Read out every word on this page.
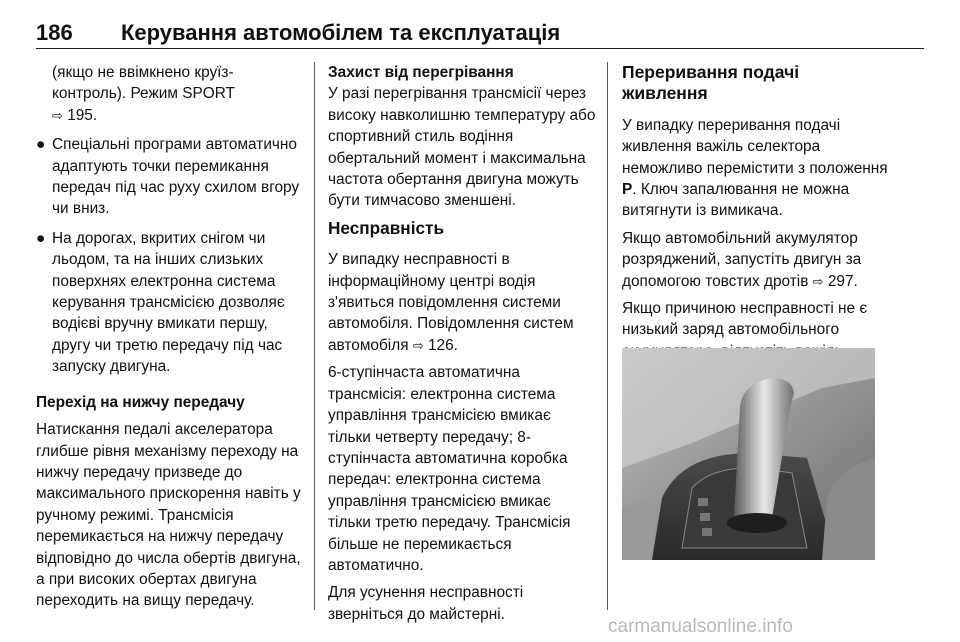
186 Керування автомобілем та експлуатація

(якщо не ввімкнено круїз-
контроль). Режим SPORT
⇨ 195.

● Спеціальні програми автоматично адаптують точки перемикання передач під час руху схилом вгору чи вниз.

● На дорогах, вкритих снігом чи льодом, та на інших слизьких поверхнях електронна система керування трансмісією дозволяє водієві вручну вмикати першу, другу чи третю передачу під час запуску двигуна.

Перехід на нижчу передачу

Натискання педалі акселератора глибше рівня механізму переходу на нижчу передачу призведе до максимального прискорення навіть у ручному режимі. Трансмісія перемикається на нижчу передачу відповідно до числа обертів двигуна, а при високих обертах двигуна переходить на вищу передачу.

Захист від перегрівання

У разі перегрівання трансмісії через високу навколишню температуру або спортивний стиль водіння обертальний момент і максимальна частота обертання двигуна можуть бути тимчасово зменшені.

Несправність

У випадку несправності в інформаційному центрі водія з'явиться повідомлення системи автомобіля. Повідомлення систем автомобіля ⇨ 126.

6-ступінчаста автоматична трансмісія: електронна система управління трансмісією вмикає тільки четверту передачу; 8-ступінчаста автоматична коробка передач: електронна система управління трансмісією вмикає тільки третю передачу. Трансмісія більше не перемикається автоматично.

Для усунення несправності зверніться до майстерні.

Переривання подачі живлення

У випадку переривання подачі живлення важіль селектора неможливо перемістити з положення P. Ключ запалювання не можна витягнути із вимикача.

Якщо автомобільний акумулятор розряджений, запустіть двигун за допомогою товстих дротів ⇨ 297.

Якщо причиною несправності не є низький заряд автомобільного

carmanualsonline.info
